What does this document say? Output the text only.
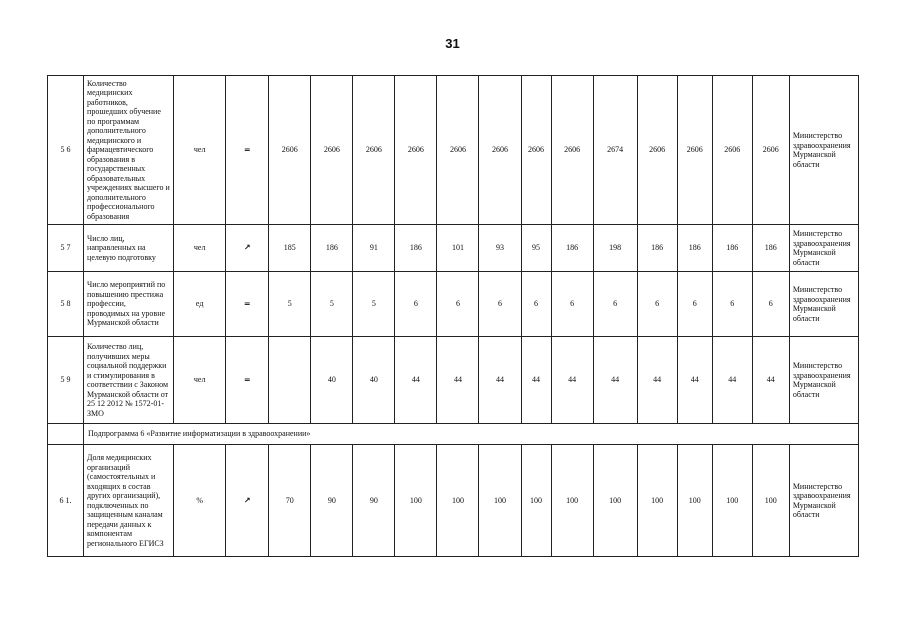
31
5 6	Количество медицинских работников, прошедших обучение по программам дополнительного медицинского и фармацевтического образования в государственных образовательных учреждениях высшего и дополнительного профессионального образования	чел	=	2606	2606	2606	2606	2606	2606	2606	2606	2674	2606	2606	2606	2606	Министерство здравоохранения Мурманской области
5 7	Число лиц, направленных на целевую подготовку	чел	↗	185	186	91	186	101	93	95	186	198	186	186	186	186	Министерство здравоохранения Мурманской области
5 8	Число мероприятий по повышению престижа профессии, проводимых на уровне Мурманской области	ед	=	5	5	5	6	6	6	6	6	6	6	6	6	6	Министерство здравоохранения Мурманской области
5 9	Количество лиц, получивших меры социальной поддержки и стимулирования в соответствии с Законом Мурманской области от 25 12 2012 № 1572-01-ЗМО	чел	=		40	40	44	44	44	44	44	44	44	44	44	44	Министерство здравоохранения Мурманской области
	Подпрограмма 6 «Развитие информатизации в здравоохранении»																
6 1.	Доля медицинских организаций (самостоятельных и входящих в состав других организаций), подключенных по защищенным каналам передачи данных к компонентам регионального ЕГИСЗ	%	↗	70	90	90	100	100	100	100	100	100	100	100	100	100	Министерство здравоохранения Мурманской области
